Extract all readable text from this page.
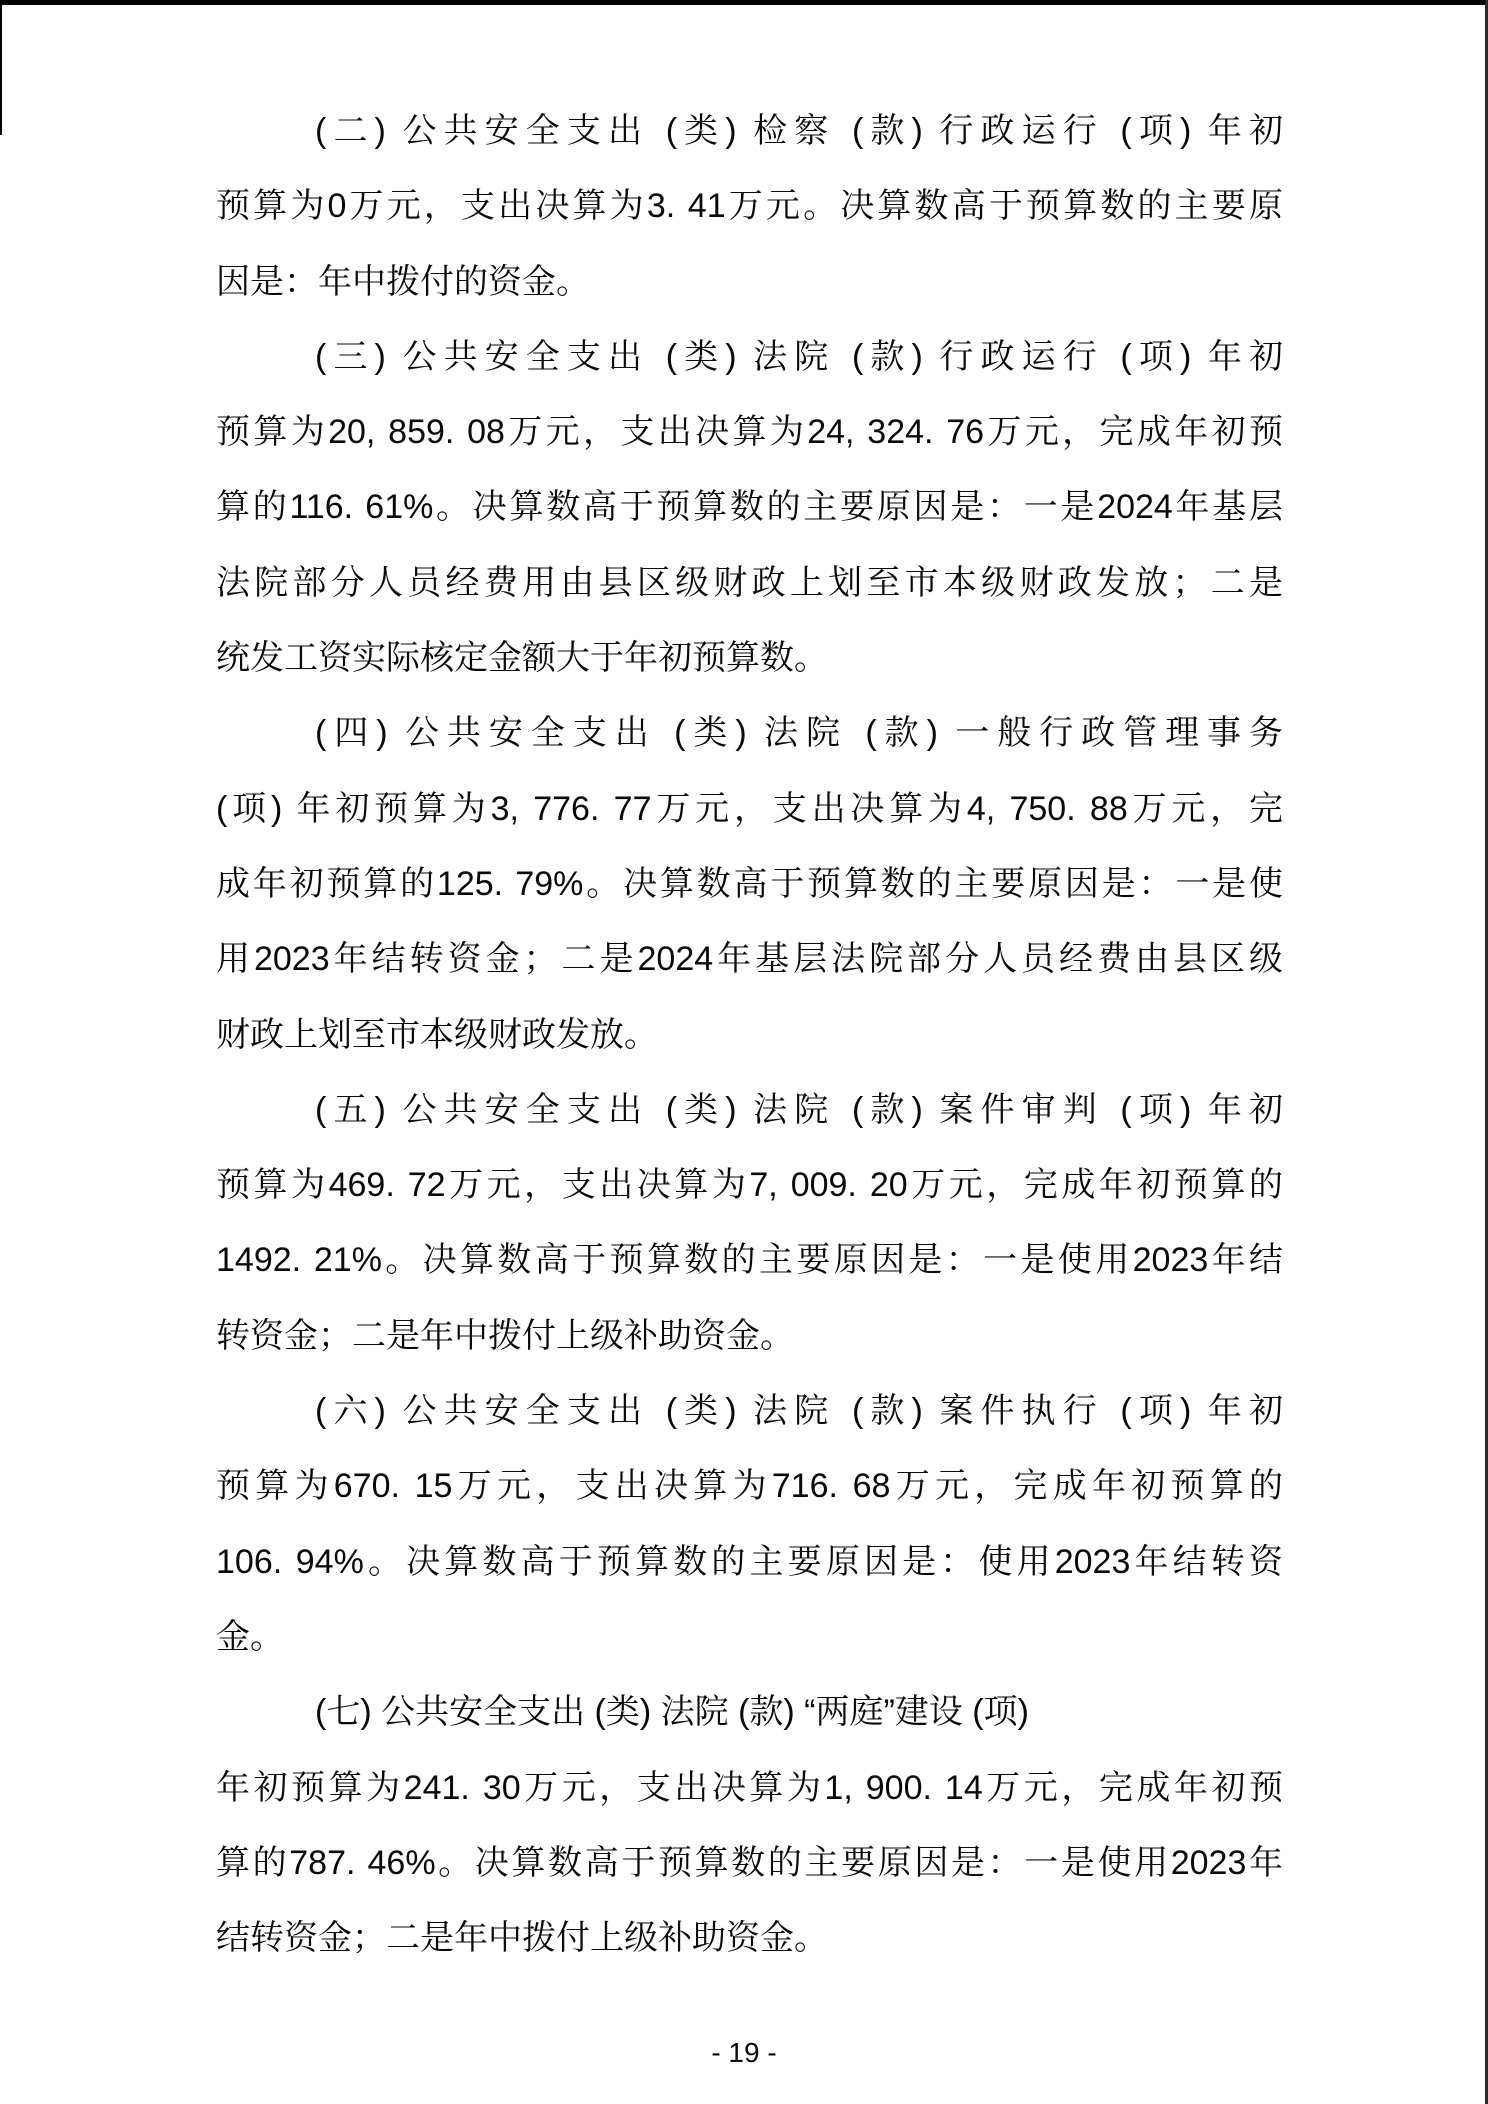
(二) 公共安全支出 (类) 检察 (款) 行政运行 (项) 年初
预算为0万元，支出决算为3. 41万元。决算数高于预算数的主要原
因是：年中拨付的资金。
(三) 公共安全支出 (类) 法院 (款) 行政运行 (项) 年初
预算为20, 859. 08万元，支出决算为24, 324. 76万元，完成年初预
算的116. 61%。决算数高于预算数的主要原因是：一是2024年基层
法院部分人员经费用由县区级财政上划至市本级财政发放；二是
统发工资实际核定金额大于年初预算数。
(四) 公共安全支出 (类) 法院 (款) 一般行政管理事务
(项) 年初预算为3, 776. 77万元，支出决算为4, 750. 88万元，完
成年初预算的125. 79%。决算数高于预算数的主要原因是：一是使
用2023年结转资金；二是2024年基层法院部分人员经费由县区级
财政上划至市本级财政发放。
(五) 公共安全支出 (类) 法院 (款) 案件审判 (项) 年初
预算为469. 72万元，支出决算为7, 009. 20万元，完成年初预算的
1492. 21%。决算数高于预算数的主要原因是：一是使用2023年结
转资金；二是年中拨付上级补助资金。
(六) 公共安全支出 (类) 法院 (款) 案件执行 (项) 年初
预算为670. 15万元，支出决算为716. 68万元，完成年初预算的
106. 94%。决算数高于预算数的主要原因是：使用2023年结转资
金。
(七) 公共安全支出 (类) 法院 (款) “两庭”建设 (项)
年初预算为241. 30万元，支出决算为1, 900. 14万元，完成年初预
算的787. 46%。决算数高于预算数的主要原因是：一是使用2023年
结转资金；二是年中拨付上级补助资金。
- 19 -
